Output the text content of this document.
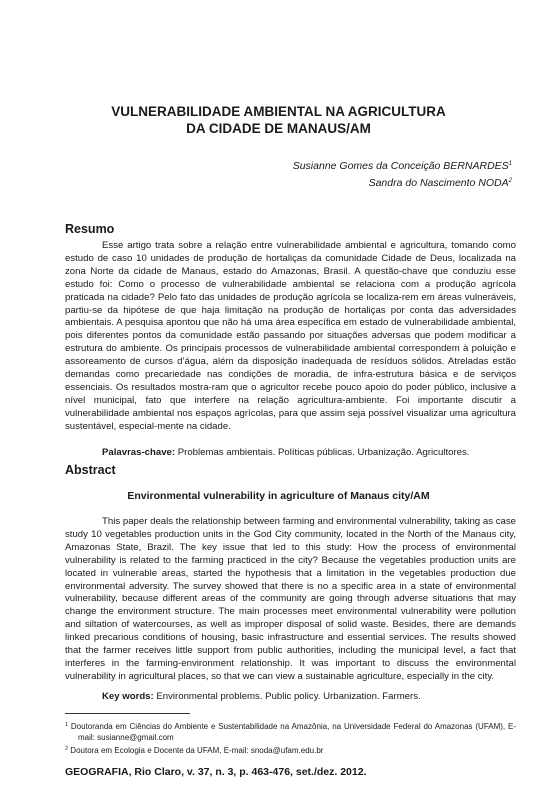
VULNERABILIDADE AMBIENTAL NA AGRICULTURA
DA CIDADE DE MANAUS/AM
Susianne Gomes da Conceição BERNARDES$^1$
Sandra do Nascimento NODA$^2$
Resumo

Esse artigo trata sobre a relação entre vulnerabilidade ambiental e agricultura, tomando como estudo de caso 10 unidades de produção de hortaliças da comunidade Cidade de Deus, localizada na zona Norte da cidade de Manaus, estado do Amazonas, Brasil. A questão-chave que conduziu esse estudo foi: Como o processo de vulnerabilidade ambiental se relaciona com a produção agrícola praticada na cidade? Pelo fato das unidades de produção agrícola se localiza-rem em áreas vulneráveis, partiu-se da hipótese de que haja limitação na produção de hortaliças por conta das adversidades ambientais. A pesquisa apontou que não há uma área específica em estado de vulnerabilidade ambiental, pois diferentes pontos da comunidade estão passando por situações adversas que podem modificar a estrutura do ambiente. Os principais processos de vulnerabilidade ambiental correspondem à poluição e assoreamento de cursos d’água, além da disposição inadequada de resíduos sólidos. Atreladas estão demandas como precariedade nas condições de moradia, de infra-estrutura básica e de serviços essenciais. Os resultados mostra-ram que o agricultor recebe pouco apoio do poder público, inclusive a nível municipal, fato que interfere na relação agricultura-ambiente. Foi importante discutir a vulnerabilidade ambiental nos espaços agrícolas, para que assim seja possível visualizar uma agricultura sustentável, especial-mente na cidade.

Palavras-chave: Problemas ambientais. Políticas públicas. Urbanização. Agricultores.

Abstract

Environmental vulnerability in agriculture of Manaus city/AM

This paper deals the relationship between farming and environmental vulnerability, taking as case study 10 vegetables production units in the God City community, located in the North of the Manaus city, Amazonas State, Brazil. The key issue that led to this study: How the process of environmental vulnerability is related to the farming practiced in the city? Because the vegetables production units are located in vulnerable areas, started the hypothesis that a limitation in the vegetables production due environmental adversity. The survey showed that there is no a specific area in a state of environmental vulnerability, because different areas of the community are going through adverse situations that may change the environment structure. The main processes meet environmental vulnerability were pollution and siltation of watercourses, as well as improper disposal of solid waste. Besides, there are demands linked precarious conditions of housing, basic infrastructure and essential services. The results showed that the farmer receives little support from public authorities, including the municipal level, a fact that interferes in the farming-environment relationship. It was important to discuss the environmental vulnerability in agricultural places, so that we can view a sustainable agriculture, especially in the city.

Key words: Environmental problems. Public policy. Urbanization. Farmers.

$^1$ Doutoranda em Ciências do Ambiente e Sustentabilidade na Amazônia, na Universidade Federal do Amazonas (UFAM), E-mail: susianne@gmail.com

$^2$ Doutora em Ecologia e Docente da UFAM, E-mail: snoda@ufam.edu.br

GEOGRAFIA, Rio Claro, v. 37, n. 3, p. 463-476, set./dez. 2012.
